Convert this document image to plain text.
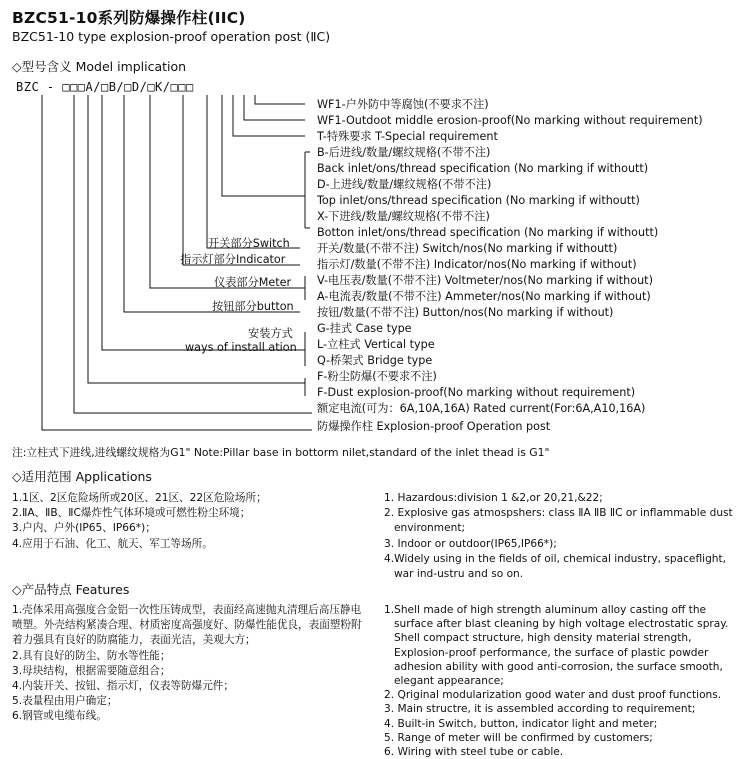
BZC51-10系列防爆操作柱(IIC)
BZC51-10 type explosion-proof operation post (ⅡC)
◇型号含义 Model implication
BZC - □□□A/□B/□D/□K/□□□
WF1-户外防中等腐蚀(不要求不注)
WF1-Outdoot middle erosion-proof(No marking without requirement)
T-特殊要求 T-Special requirement
B-后进线/数量/螺纹规格(不带不注)
Back inlet/ons/thread specification (No marking if withoutt)
D-上进线/数量/螺纹规格(不带不注)
Top inlet/ons/thread specification (No marking if withoutt)
X-下进线/数量/螺纹规格(不带不注)
Botton inlet/ons/thread specification (No marking if withoutt)
开关/数量(不带不注) Switch/nos(No marking if withoutt)
指示灯/数量(不带不注) Indicator/nos(No marking if without)
V-电压表/数量(不带不注) Voltmeter/nos(No marking if without)
A-电流表/数量(不带不注) Ammeter/nos(No marking if without)
按钮/数量(不带不注) Button/nos(No marking if without)
G-挂式 Case type
L-立柱式 Vertical type
Q-桥架式 Bridge type
F-粉尘防爆(不要求不注)
F-Dust explosion-proof(No marking without requirement)
额定电流(可为：6A,10A,16A) Rated current(For:6A,A10,16A)
防爆操作柱 Explosion-proof Operation post
开关部分Switch
指示灯部分Indicator
仪表部分Meter
按钮部分button
安装方式
ways of install ation
注:立柱式下进线,进线螺纹规格为G1" Note:Pillar base in bottorm nilet,standard of the inlet thead is G1"
◇适用范围 Applications
1.1区、2区危险场所或20区、21区、22区危险场所；
2.ⅡA、ⅡB、ⅡC爆炸性气体环境或可燃性粉尘环境；
3.户内、户外(IP65、IP66*)；
4.应用于石油、化工、航天、军工等场所。
1. Hazardous:division 1 &2,or 20,21,&22;
2. Explosive gas atmospshers: class ⅡA ⅡB ⅡC or inflammable dust environment;
3. Indoor or outdoor(IP65,IP66*);
4.Widely using in the fields of oil, chemical industry, spaceflight, war ind-ustru and so on.
◇产品特点 Features
1.壳体采用高强度合金铝一次性压铸成型，表面经高速抛丸清理后高压静电喷塑。外壳结构紧凑合理、材质密度高强度好、防爆性能优良，表面塑粉附着力强具有良好的防腐能力，表面光洁，美观大方；
2.具有良好的防尘、防水等性能；
3.母块结构，根据需要随意组合；
4.内装开关、按钮、指示灯，仪表等防爆元件；
5.表量程由用户确定；
6.钢管或电缆布线。
1.Shell made of high strength aluminum alloy casting off the surface after blast cleaning by high voltage electrostatic spray. Shell compact structure, high density material strength, Explosion-proof performance, the surface of plastic powder adhesion ability with good anti-corrosion, the surface smooth, elegant appearance;
2. Qriginal modularization good water and dust proof functions.
3. Main structre, it is assembled according to requirement;
4. Built-in Switch, button, indicator light and meter;
5. Range of meter will be confirmed by customers;
6. Wiring with steel tube or cable.
